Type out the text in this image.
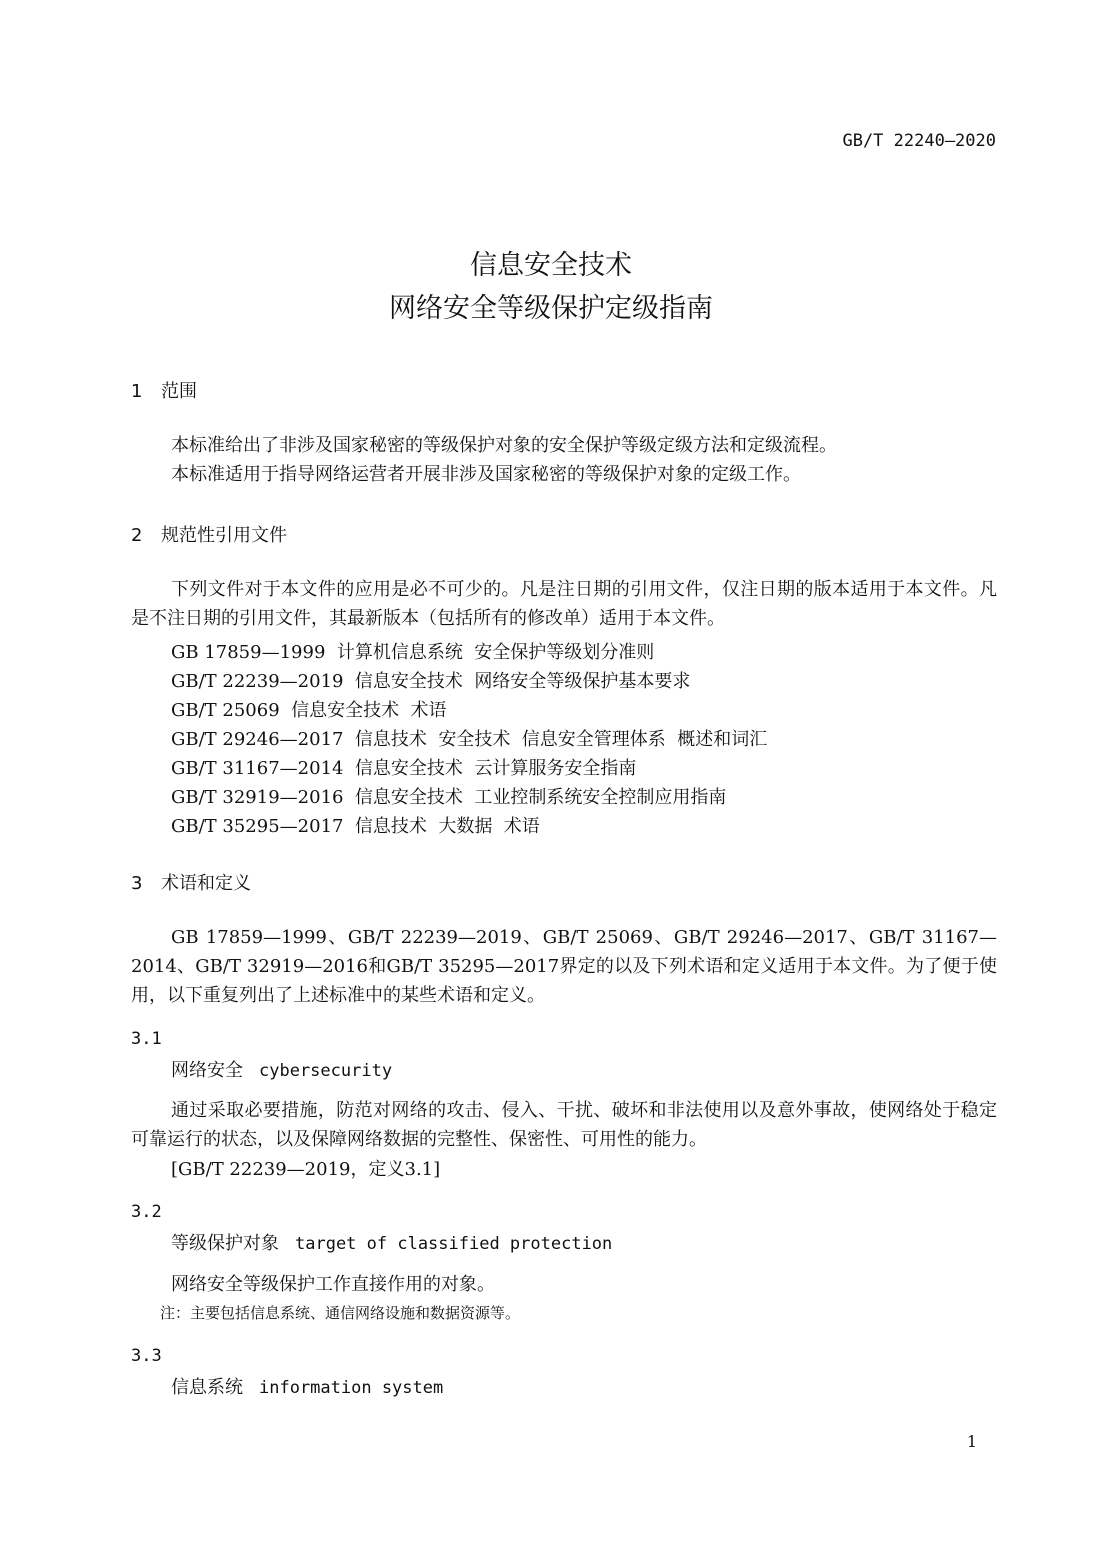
GB/T 22240—2020
信息安全技术
网络安全等级保护定级指南
1 范围
本标准给出了非涉及国家秘密的等级保护对象的安全保护等级定级方法和定级流程。
本标准适用于指导网络运营者开展非涉及国家秘密的等级保护对象的定级工作。
2 规范性引用文件
下列文件对于本文件的应用是必不可少的。凡是注日期的引用文件，仅注日期的版本适用于本文件。凡是不注日期的引用文件，其最新版本（包括所有的修改单）适用于本文件。
GB 17859—1999  计算机信息系统  安全保护等级划分准则
GB/T 22239—2019  信息安全技术  网络安全等级保护基本要求
GB/T 25069  信息安全技术  术语
GB/T 29246—2017  信息技术  安全技术  信息安全管理体系  概述和词汇
GB/T 31167—2014  信息安全技术  云计算服务安全指南
GB/T 32919—2016  信息安全技术  工业控制系统安全控制应用指南
GB/T 35295—2017  信息技术  大数据  术语
3 术语和定义
GB 17859—1999、GB/T 22239—2019、GB/T 25069、GB/T 29246—2017、GB/T 31167—2014、GB/T 32919—2016和GB/T 35295—2017界定的以及下列术语和定义适用于本文件。为了便于使用，以下重复列出了上述标准中的某些术语和定义。
3.1
网络安全 cybersecurity
通过采取必要措施，防范对网络的攻击、侵入、干扰、破坏和非法使用以及意外事故，使网络处于稳定可靠运行的状态，以及保障网络数据的完整性、保密性、可用性的能力。
[GB/T 22239—2019，定义3.1]
3.2
等级保护对象 target of classified protection
网络安全等级保护工作直接作用的对象。
注：主要包括信息系统、通信网络设施和数据资源等。
3.3
信息系统 information system
1
